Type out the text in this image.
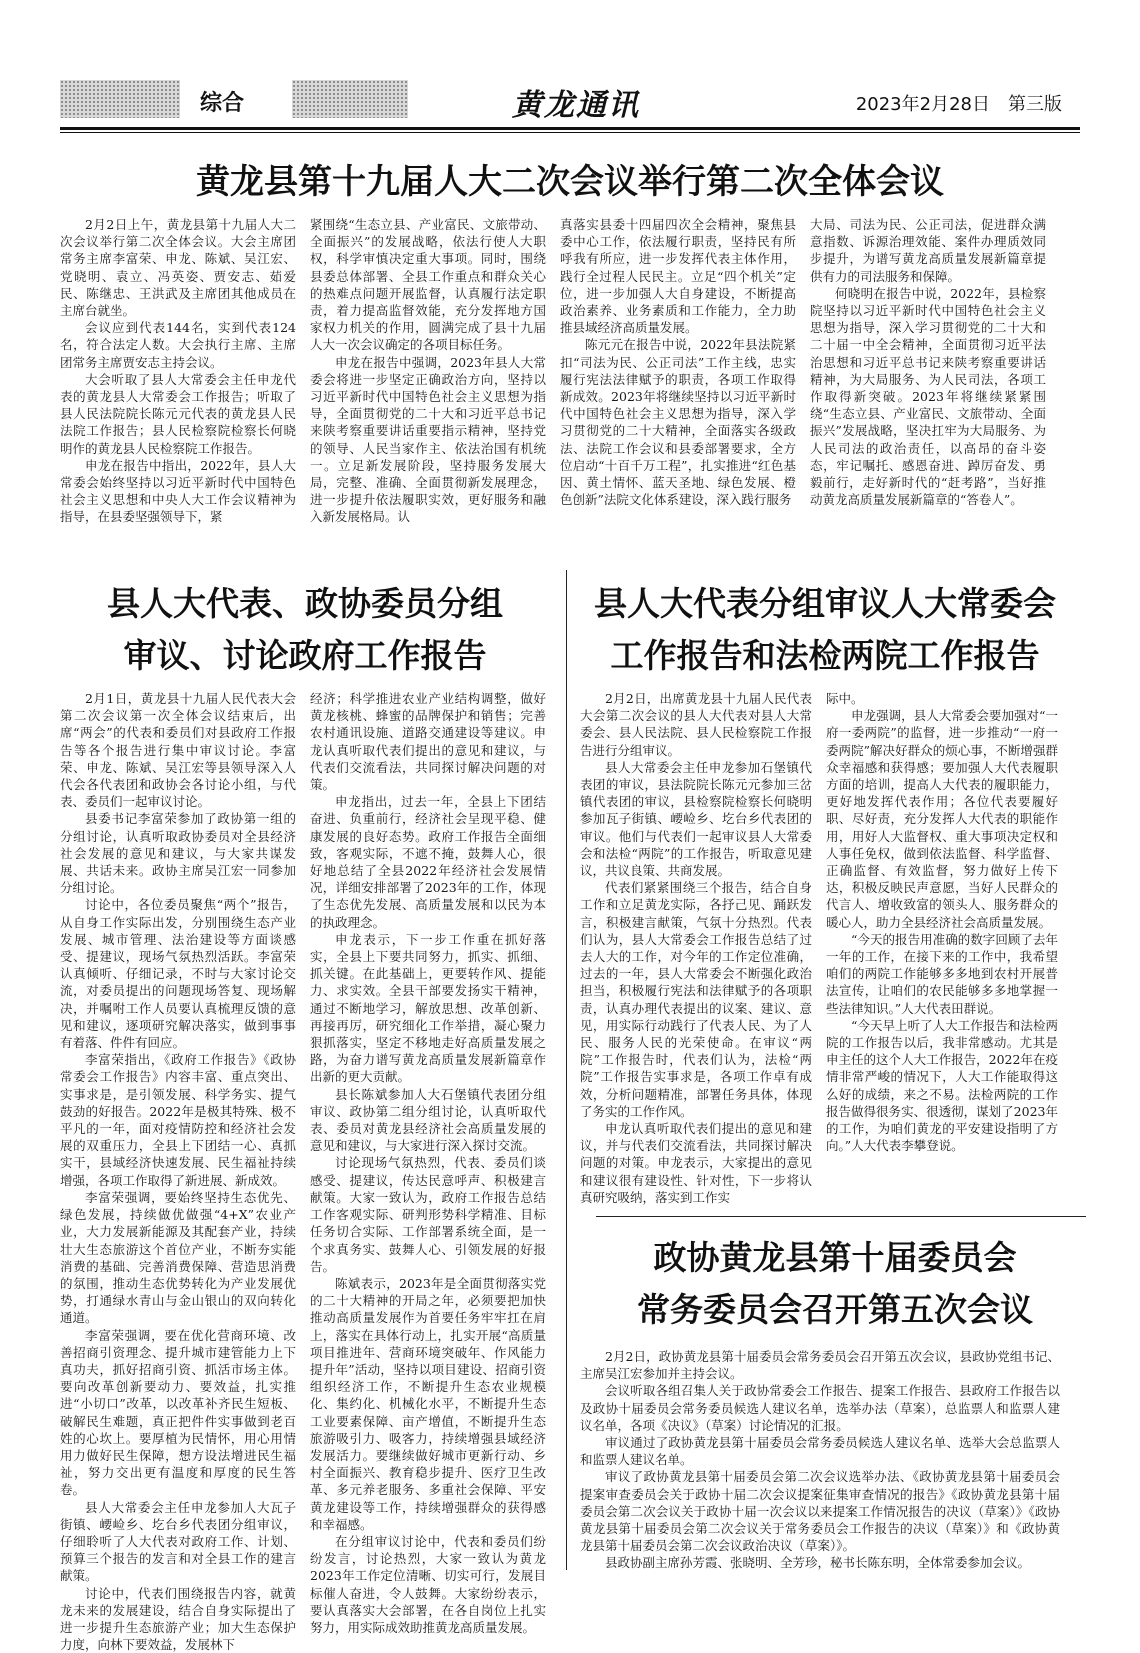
综合	黄龙通讯	2023年2月28日　第三版
黄龙县第十九届人大二次会议举行第二次全体会议

2月2日上午，黄龙县第十九届人大二次会议举行第二次全体会议。大会主席团常务主席李富荣、申龙、陈斌、吴江宏、党晓明、袁立、冯英姿、贾安志、茹爱民、陈继忠、王洪武及主席团其他成员在主席台就坐。

会议应到代表144名，实到代表124名，符合法定人数。大会执行主席、主席团常务主席贾安志主持会议。

大会听取了县人大常委会主任申龙代表的黄龙县人大常委会工作报告；听取了县人民法院院长陈元元代表的黄龙县人民法院工作报告；县人民检察院检察长何晓明作的黄龙县人民检察院工作报告。

申龙在报告中指出，2022年，县人大常委会始终坚持以习近平新时代中国特色社会主义思想和中央人大工作会议精神为指导，在县委坚强领导下，紧

紧围绕“生态立县、产业富民、文旅带动、全面振兴”的发展战略，依法行使人大职权，科学审慎决定重大事项。同时，围绕县委总体部署、全县工作重点和群众关心的热难点问题开展监督，认真履行法定职责，着力提高监督效能，充分发挥地方国家权力机关的作用，圆满完成了县十九届人大一次会议确定的各项目标任务。

申龙在报告中强调，2023年县人大常委会将进一步坚定正确政治方向，坚持以习近平新时代中国特色社会主义思想为指导，全面贯彻党的二十大和习近平总书记来陕考察重要讲话重要指示精神，坚持党的领导、人民当家作主、依法治国有机统一。立足新发展阶段，坚持服务发展大局，完整、准确、全面贯彻新发展理念，进一步提升依法履职实效，更好服务和融入新发展格局。认

真落实县委十四届四次全会精神，聚焦县委中心工作，依法履行职责，坚持民有所呼我有所应，进一步发挥代表主体作用，践行全过程人民民主。立足“四个机关”定位，进一步加强人大自身建设，不断提高政治素养、业务素质和工作能力，全力助推县域经济高质量发展。

陈元元在报告中说，2022年县法院紧扣“司法为民、公正司法”工作主线，忠实履行宪法法律赋予的职责，各项工作取得新成效。2023年将继续坚持以习近平新时代中国特色社会主义思想为指导，深入学习贯彻党的二十大精神，全面落实各级政法、法院工作会议和县委部署要求，全方位启动“十百千万工程”，扎实推进“红色基因、黄土情怀、蓝天圣地、绿色发展、橙色创新”法院文化体系建设，深入践行服务

大局、司法为民、公正司法，促进群众满意指数、诉源治理效能、案件办理质效同步提升，为谱写黄龙高质量发展新篇章提供有力的司法服务和保障。

何晓明在报告中说，2022年，县检察院坚持以习近平新时代中国特色社会主义思想为指导，深入学习贯彻党的二十大和二十届一中全会精神，全面贯彻习近平法治思想和习近平总书记来陕考察重要讲话精神，为大局服务、为人民司法，各项工作取得新突破。2023年将继续紧紧围绕“生态立县、产业富民、文旅带动、全面振兴”发展战略，坚决扛牢为大局服务、为人民司法的政治责任，以高昂的奋斗姿态，牢记嘱托、感恩奋进、踔厉奋发、勇毅前行，走好新时代的“赶考路”，当好推动黄龙高质量发展新篇章的“答卷人”。

县人大代表、政协委员分组
审议、讨论政府工作报告

2月1日，黄龙县十九届人民代表大会第二次会议第一次全体会议结束后，出席“两会”的代表和委员们对县政府工作报告等各个报告进行集中审议讨论。李富荣、申龙、陈斌、吴江宏等县领导深入人代会各代表团和政协会各讨论小组，与代表、委员们一起审议讨论。

县委书记李富荣参加了政协第一组的分组讨论，认真听取政协委员对全县经济社会发展的意见和建议，与大家共谋发展、共话未来。政协主席吴江宏一同参加分组讨论。

讨论中，各位委员聚焦“两个”报告，从自身工作实际出发，分别围绕生态产业发展、城市管理、法治建设等方面谈感受、提建议，现场气氛热烈活跃。李富荣认真倾听、仔细记录，不时与大家讨论交流，对委员提出的问题现场答复、现场解决，并嘱咐工作人员要认真梳理反馈的意见和建议，逐项研究解决落实，做到事事有着落、件件有回应。

李富荣指出，《政府工作报告》《政协常委会工作报告》内容丰富、重点突出、实事求是，是引领发展、科学务实、提气鼓劲的好报告。2022年是极其特殊、极不平凡的一年，面对疫情防控和经济社会发展的双重压力，全县上下团结一心、真抓实干，县域经济快速发展、民生福祉持续增强，各项工作取得了新进展、新成效。

李富荣强调，要始终坚持生态优先、绿色发展，持续做优做强“4+X”农业产业，大力发展新能源及其配套产业，持续壮大生态旅游这个首位产业，不断夯实能消费的基础、完善消费保障、营造思消费的氛围，推动生态优势转化为产业发展优势，打通绿水青山与金山银山的双向转化通道。

李富荣强调，要在优化营商环境、改善招商引资理念、提升城市建管能力上下真功夫，抓好招商引资、抓活市场主体。要向改革创新要动力、要效益，扎实推进“小切口”改革，以改革补齐民生短板、破解民生难题，真正把件件实事做到老百姓的心坎上。要厚植为民情怀，用心用情用力做好民生保障，想方设法增进民生福祉，努力交出更有温度和厚度的民生答卷。

县人大常委会主任申龙参加人大瓦子街镇、崾崄乡、圪台乡代表团分组审议，仔细聆听了人大代表对政府工作、计划、预算三个报告的发言和对全县工作的建言献策。

讨论中，代表们围绕报告内容，就黄龙未来的发展建设，结合自身实际提出了进一步提升生态旅游产业；加大生态保护力度，向林下要效益，发展林下

经济；科学推进农业产业结构调整，做好黄龙核桃、蜂蜜的品牌保护和销售；完善农村通讯设施、道路交通建设等建议。申龙认真听取代表们提出的意见和建议，与代表们交流看法，共同探讨解决问题的对策。

申龙指出，过去一年，全县上下团结奋进、负重前行，经济社会呈现平稳、健康发展的良好态势。政府工作报告全面细致，客观实际，不遮不掩，鼓舞人心，很好地总结了全县2022年经济社会发展情况，详细安排部署了2023年的工作，体现了生态优先发展、高质量发展和以民为本的执政理念。

申龙表示，下一步工作重在抓好落实，全县上下要共同努力，抓实、抓细、抓关键。在此基础上，更要转作风、提能力、求实效。全县干部要发扬实干精神，通过不断地学习，解放思想、改革创新、再接再厉，研究细化工作举措，凝心聚力狠抓落实，坚定不移地走好高质量发展之路，为奋力谱写黄龙高质量发展新篇章作出新的更大贡献。

县长陈斌参加人大石堡镇代表团分组审议、政协第二组分组讨论，认真听取代表、委员对黄龙县经济社会高质量发展的意见和建议，与大家进行深入探讨交流。

讨论现场气氛热烈，代表、委员们谈感受、提建议，传达民意呼声、积极建言献策。大家一致认为，政府工作报告总结工作客观实际、研判形势科学精准、目标任务切合实际、工作部署系统全面，是一个求真务实、鼓舞人心、引领发展的好报告。

陈斌表示，2023年是全面贯彻落实党的二十大精神的开局之年，必须要把加快推动高质量发展作为首要任务牢牢扛在肩上，落实在具体行动上，扎实开展“高质量项目推进年、营商环境突破年、作风能力提升年”活动，坚持以项目建设、招商引资组织经济工作，不断提升生态农业规模化、集约化、机械化水平，不断提升生态工业要素保障、亩产增值，不断提升生态旅游吸引力、吸客力，持续增强县域经济发展活力。要继续做好城市更新行动、乡村全面振兴、教育稳步提升、医疗卫生改革、多元养老服务、多重社会保障、平安黄龙建设等工作，持续增强群众的获得感和幸福感。

在分组审议讨论中，代表和委员们纷纷发言，讨论热烈，大家一致认为黄龙2023年工作定位清晰、切实可行，发展目标催人奋进，令人鼓舞。大家纷纷表示，要认真落实大会部署，在各自岗位上扎实努力，用实际成效助推黄龙高质量发展。

县人大代表分组审议人大常委会
工作报告和法检两院工作报告

2月2日，出席黄龙县十九届人民代表大会第二次会议的县人大代表对县人大常委会、县人民法院、县人民检察院工作报告进行分组审议。

县人大常委会主任申龙参加石堡镇代表团的审议，县法院院长陈元元参加三岔镇代表团的审议，县检察院检察长何晓明参加瓦子街镇、崾崄乡、圪台乡代表团的审议。他们与代表们一起审议县人大常委会和法检“两院”的工作报告，听取意见建议，共议良策、共商发展。

代表们紧紧围绕三个报告，结合自身工作和立足黄龙实际，各抒己见、踊跃发言，积极建言献策，气氛十分热烈。代表们认为，县人大常委会工作报告总结了过去人大的工作，对今年的工作定位准确，过去的一年，县人大常委会不断强化政治担当，积极履行宪法和法律赋予的各项职责，认真办理代表提出的议案、建议、意见，用实际行动践行了代表人民、为了人民、服务人民的光荣使命。在审议“两院”工作报告时，代表们认为，法检“两院”工作报告实事求是，各项工作卓有成效，分析问题精准，部署任务具体，体现了务实的工作作风。

申龙认真听取代表们提出的意见和建议，并与代表们交流看法，共同探讨解决问题的对策。申龙表示，大家提出的意见和建议很有建设性、针对性，下一步将认真研究吸纳，落实到工作实

际中。

申龙强调，县人大常委会要加强对“一府一委两院”的监督，进一步推动“一府一委两院”解决好群众的烦心事，不断增强群众幸福感和获得感；要加强人大代表履职方面的培训，提高人大代表的履职能力，更好地发挥代表作用；各位代表要履好职、尽好责，充分发挥人大代表的职能作用，用好人大监督权、重大事项决定权和人事任免权，做到依法监督、科学监督、正确监督、有效监督，努力做好上传下达，积极反映民声意愿，当好人民群众的代言人、增收致富的领头人、服务群众的暖心人，助力全县经济社会高质量发展。

“今天的报告用准确的数字回顾了去年一年的工作，在接下来的工作中，我希望咱们的两院工作能够多多地到农村开展普法宣传，让咱们的农民能够多多地掌握一些法律知识。”人大代表田群说。

“今天早上听了人大工作报告和法检两院的工作报告以后，我非常感动。尤其是申主任的这个人大工作报告，2022年在疫情非常严峻的情况下，人大工作能取得这么好的成绩，来之不易。法检两院的工作报告做得很务实、很透彻，谋划了2023年的工作，为咱们黄龙的平安建设指明了方向。”人大代表李攀登说。

政协黄龙县第十届委员会
常务委员会召开第五次会议

2月2日，政协黄龙县第十届委员会常务委员会召开第五次会议，县政协党组书记、主席吴江宏参加并主持会议。

会议听取各组召集人关于政协常委会工作报告、提案工作报告、县政府工作报告以及政协十届委员会常务委员候选人建议名单，选举办法（草案），总监票人和监票人建议名单，各项《决议》（草案）讨论情况的汇报。

审议通过了政协黄龙县第十届委员会常务委员候选人建议名单、选举大会总监票人和监票人建议名单。

审议了政协黄龙县第十届委员会第二次会议选举办法、《政协黄龙县第十届委员会提案审查委员会关于政协十届二次会议提案征集审查情况的报告》《政协黄龙县第十届委员会第二次会议关于政协十届一次会议以来提案工作情况报告的决议（草案）》《政协黄龙县第十届委员会第二次会议关于常务委员会工作报告的决议（草案）》和《政协黄龙县第十届委员会第二次会议政治决议（草案）》。

县政协副主席孙芳霞、张晓明、全芳珍，秘书长陈东明，全体常委参加会议。
